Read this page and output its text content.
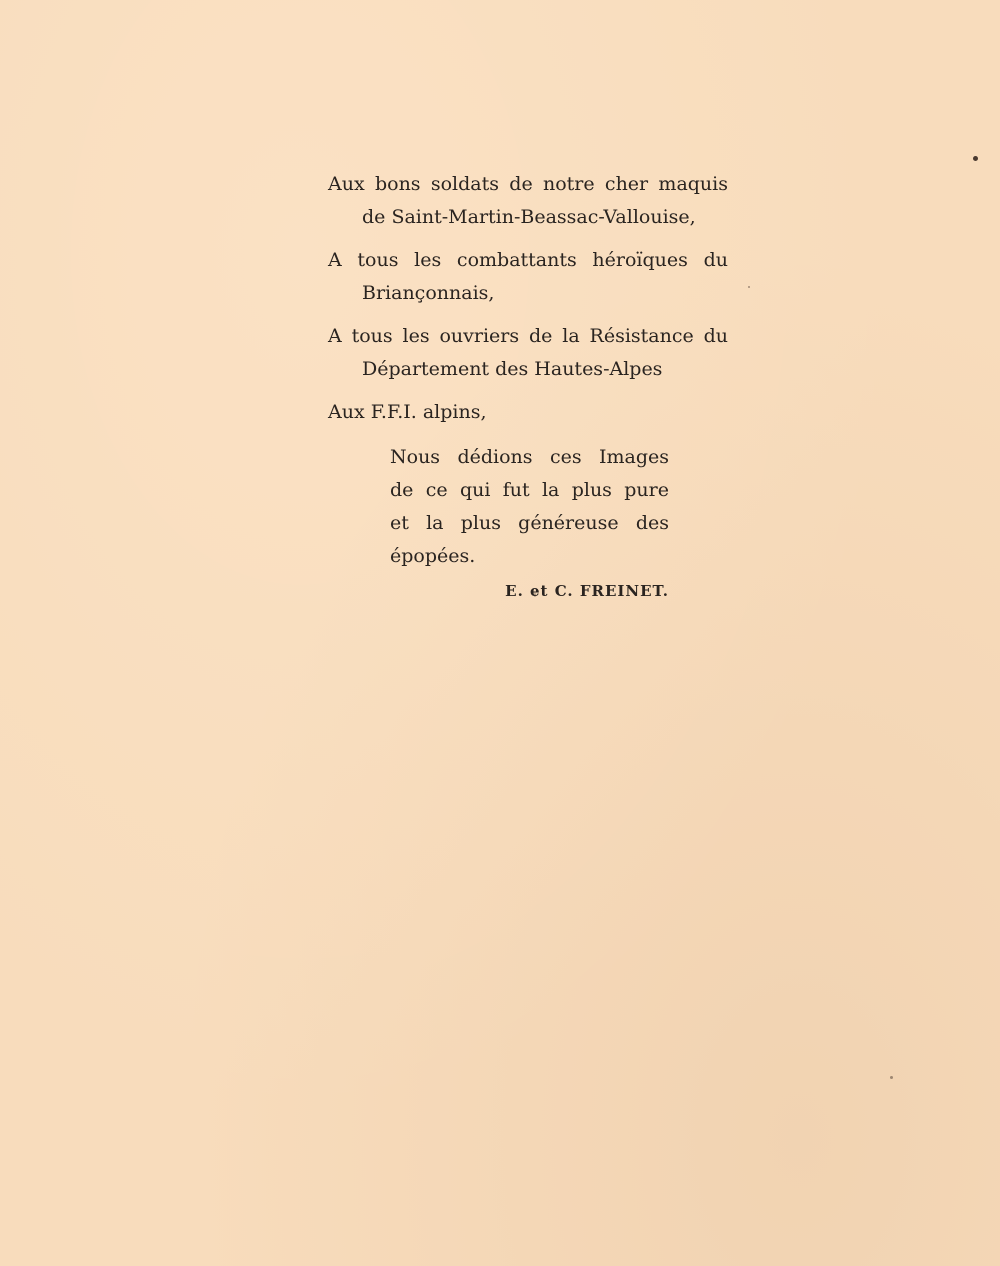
Aux bons soldats de notre cher maquis de Saint-Martin-Beassac-Vallouise,

A tous les combattants héroïques du Briançonnais,

A tous les ouvriers de la Résistance du Département des Hautes-Alpes

Aux F.F.I. alpins,

Nous dédions ces Images
de ce qui fut la plus pure
et la plus généreuse des
épopées.
E. et C. FREINET.
